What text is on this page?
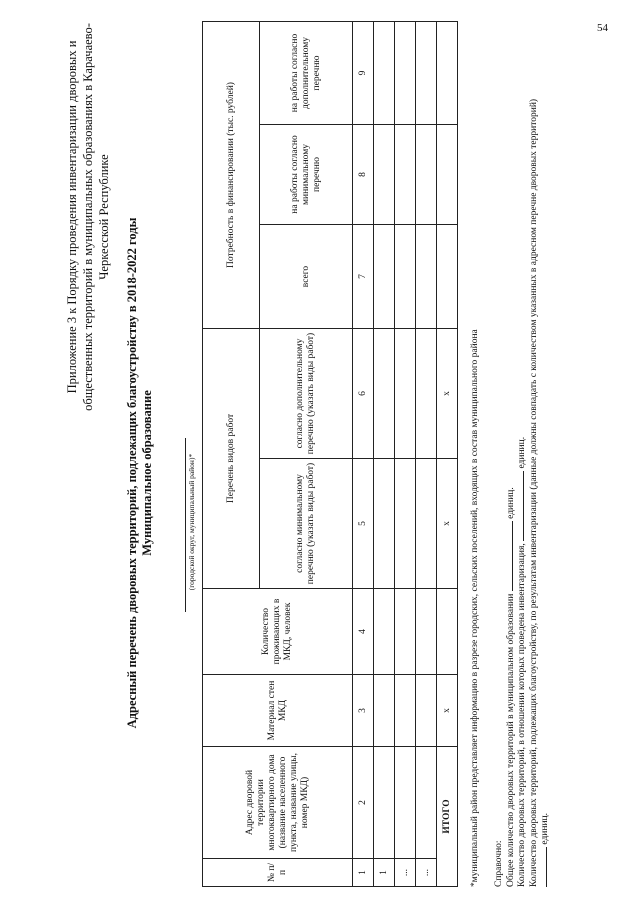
54
Приложение 3 к Порядку проведения инвентаризации дворовых и общественных территорий в муниципальных образованиях в Карачаево-Черкесской Республике
Адресный перечень дворовых территорий, подлежащих благоустройству в 2018-2022 годы Муниципальное образование	(городской округ, муниципальный район)*
№ п/п	Адрес дворовой территории многоквартирного дома (название населенного пункта, название улицы, номер МКД)	Материал стен МКД	Количество проживающих в МКД, человек	Перечень видов работ		Потребность в финансировании (тыс. рублей)		
				согласно минимальному перечню (указать виды работ)	согласно дополнительному перечню (указать виды работ)	всего	на работы согласно минимальному перечню	на работы согласно дополнительному перечню
1	2	3	4	5	6	7	8	9
1								
...								
...								
ИТОГО		x		x	x			*муниципальный район представляет информацию в разрезе городских, сельских поселений, входящих в состав муниципального района Справочно: Общее количество дворовых территорий в муниципальном образовании  единиц.
Количество дворовых территорий, в отношении которых проведена инвентаризация,  единиц. Количество дворовых территорий, подлежащих благоустройству, по результатам инвентаризации (данные должны совпадать с количеством указанных в адресном перечне дворовых территорий) единиц.
